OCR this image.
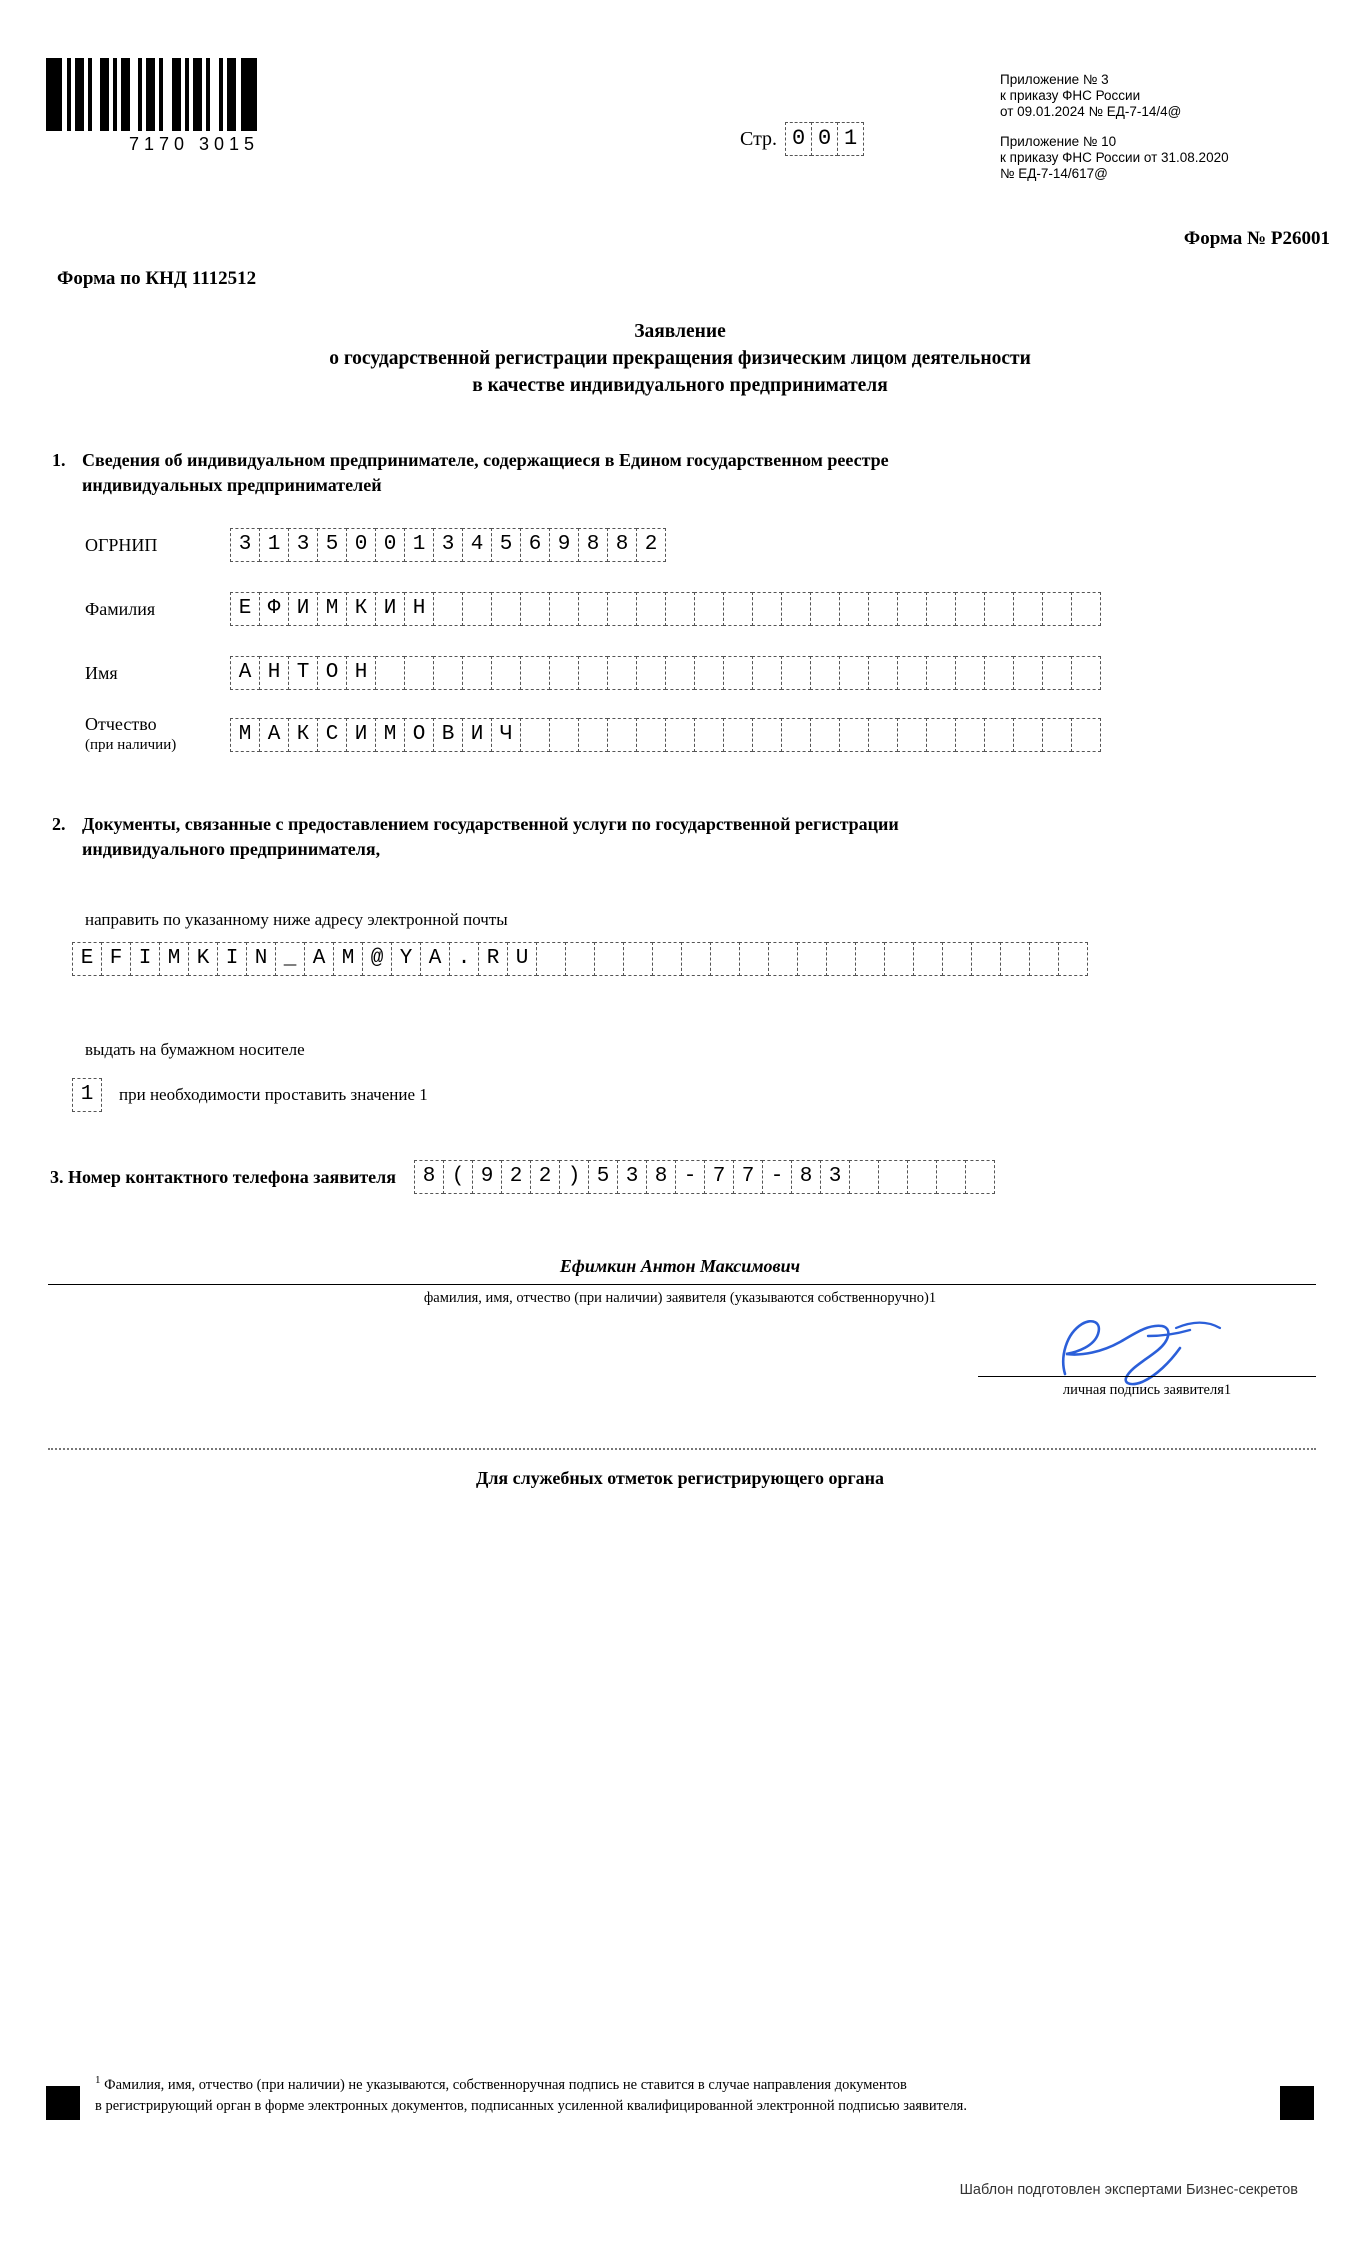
7170 3015	Стр. 0 0 1
Приложение № 3
к приказу ФНС России
от 09.01.2024 № ЕД-7-14/4@
Приложение № 10
к приказу ФНС России от 31.08.2020
№ ЕД-7-14/617@
Форма № Р26001
Форма по КНД 1112512
Заявление
о государственной регистрации прекращения физическим лицом деятельности
в качестве индивидуального предпринимателя
1. Сведения об индивидуальном предпринимателе, содержащиеся в Едином государственном реестре
индивидуальных предпринимателей
ОГРНИП	3 1 3 5 0 0 1 3 4 5 6 9 8 8 2
Фамилия	Е Ф И М К И Н
Имя	А Н Т О Н
Отчество
(при наличии)	М А К С И М О В И Ч
2. Документы, связанные с предоставлением государственной услуги по государственной регистрации
индивидуального предпринимателя,
направить по указанному ниже адресу электронной почты
E F I M K I N _ A M @ Y A . R U
выдать на бумажном носителе
1	при необходимости проставить значение 1
3. Номер контактного телефона заявителя	8 ( 9 2 2 ) 5 3 8 - 7 7 - 8 3
Ефимкин Антон Максимович
фамилия, имя, отчество (при наличии) заявителя (указываются собственноручно)1
личная подпись заявителя1
Для служебных отметок регистрирующего органа
$^1$ Фамилия, имя, отчество (при наличии) не указываются, собственноручная подпись не ставится в случае направления документов
в регистрирующий орган в форме электронных документов, подписанных усиленной квалифицированной электронной подписью заявителя.
Шаблон подготовлен экспертами Бизнес-секретов
